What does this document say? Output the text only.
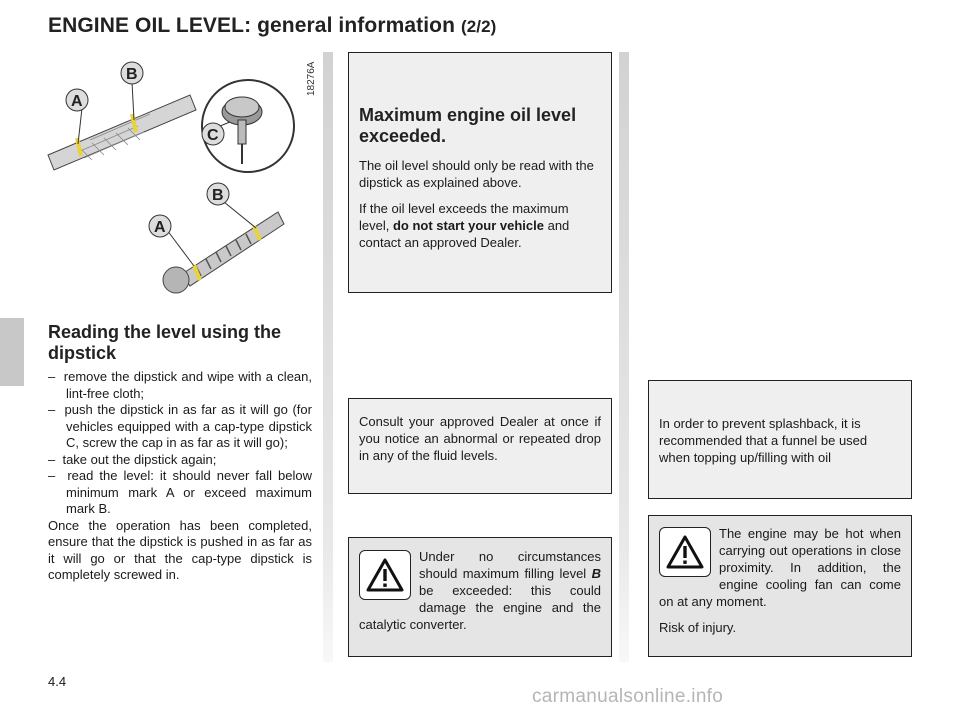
ENGINE OIL LEVEL: general information (2/2)
A
B
C
A
B
18276A
Reading the level using the dipstick
– remove the dipstick and wipe with a clean, lint-free cloth;
– push the dipstick in as far as it will go (for vehicles equipped with a cap-type dipstick C, screw the cap in as far as it will go);
– take out the dipstick again;
– read the level: it should never fall below minimum mark A or exceed maximum mark B.
Once the operation has been completed, ensure that the dipstick is pushed in as far as it will go or that the cap-type dipstick is completely screwed in.
Maximum engine oil level exceeded.

The oil level should only be read with the dipstick as explained above.

If the oil level exceeds the maximum level, do not start your vehicle and contact an approved Dealer.

Consult your approved Dealer at once if you notice an abnormal or repeated drop in any of the fluid levels.
In order to prevent splashback, it is recommended that a funnel be used when topping up/filling with oil
Under no circumstances should maximum filling level B be exceeded: this could damage the engine and the catalytic converter.
The engine may be hot when carrying out operations in close proximity. In addition, the engine cooling fan can come on at any moment.
Risk of injury.
4.4
carmanualsonline.info
